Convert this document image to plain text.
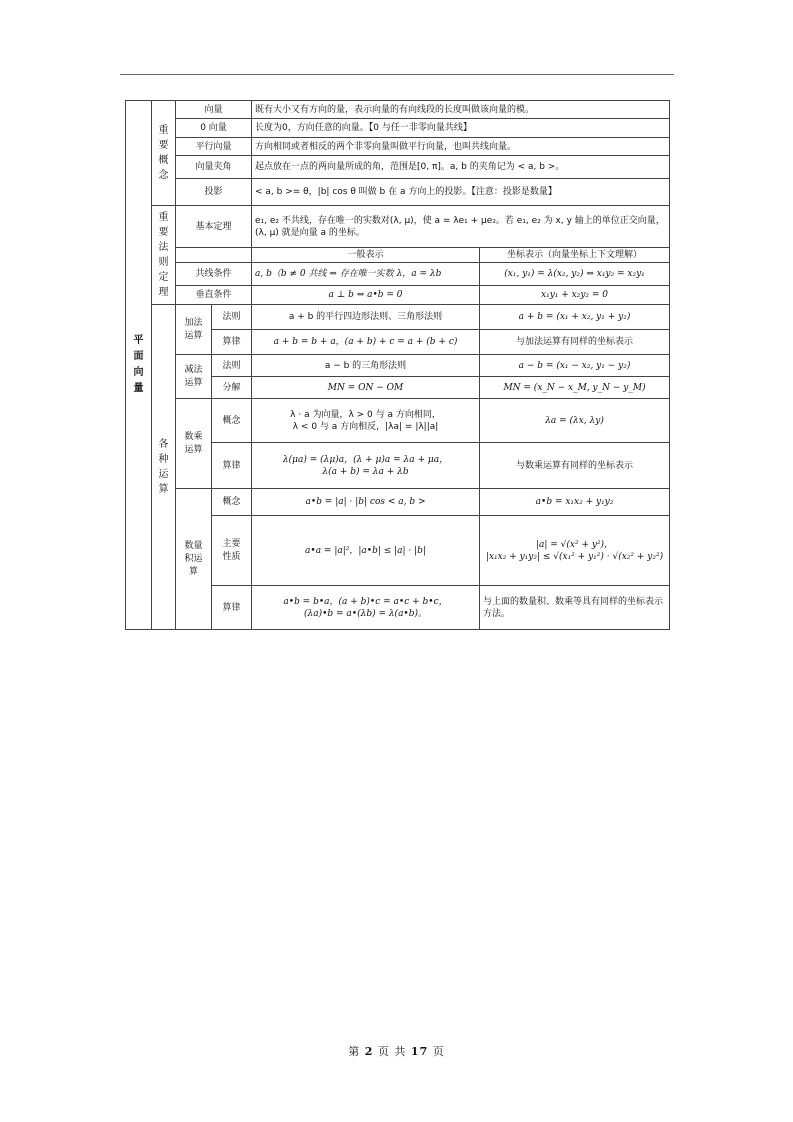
平面向量	重要概念	向量		既有大小又有方向的量，表示向量的有向线段的长度叫做该向量的模。	
		0 向量		长度为0，方向任意的向量。【0 与任一非零向量共线】	
		平行向量		方向相同或者相反的两个非零向量叫做平行向量，也叫共线向量。	
		向量夹角		起点放在一点的两向量所成的角，范围是[0, π]。a, b 的夹角记为 < a, b >。	
		投影		< a, b >= θ，|b| cos θ 叫做 b 在 a 方向上的投影。【注意：投影是数量】	

	重要法则定理	基本定理		e₁, e₂ 不共线，存在唯一的实数对(λ, μ)，使 a = λe₁ + μe₂。若 e₁, e₂ 为 x, y 轴上的单位正交向量，(λ, μ) 就是向量 a 的坐标。	
				一般表示	坐标表示（向量坐标上下文理解）
		共线条件		a, b（b ≠ 0 共线 ⇔ 存在唯一实数 λ，a = λb	(x₁, y₁) = λ(x₂, y₂) ⇔ x₁y₂ = x₂y₁
		垂直条件		a ⊥ b ⇔ a•b = 0	x₁y₁ + x₂y₂ = 0

	各种运算	加法运算	法则	a + b 的平行四边形法则、三角形法则	a + b = (x₁ + x₂, y₁ + y₂)
			算律	a + b = b + a，(a + b) + c = a + (b + c)	与加法运算有同样的坐标表示

		减法运算	法则	a − b 的三角形法则	a − b = (x₁ − x₂, y₁ − y₂)
			分解	MN = ON − OM	MN = (x_N − x_M, y_N − y_M)

		数乘运算	概念	λ · a 为向量，λ > 0 与 a 方向相同，
λ < 0 与 a 方向相反，|λa| = |λ||a|	λa = (λx, λy)
			算律	λ(μa) = (λμ)a，(λ + μ)a = λa + μa，
λ(a + b) = λa + λb	与数乘运算有同样的坐标表示

		数量积运算	概念	a•b = |a| · |b| cos < a, b >	a•b = x₁x₂ + y₁y₂

			主要性质	a•a = |a|²，|a•b| ≤ |a| · |b|	|a| = √(x² + y²)，
|x₁x₂ + y₁y₂| ≤ √(x₁² + y₁²) · √(x₂² + y₂²)

			算律	a•b = b•a，(a + b)•c = a•c + b•c，
(λa)•b = a•(λb) = λ(a•b)。	与上面的数量积、数乘等具有同样的坐标表示方法。
第 2 页 共 17 页
